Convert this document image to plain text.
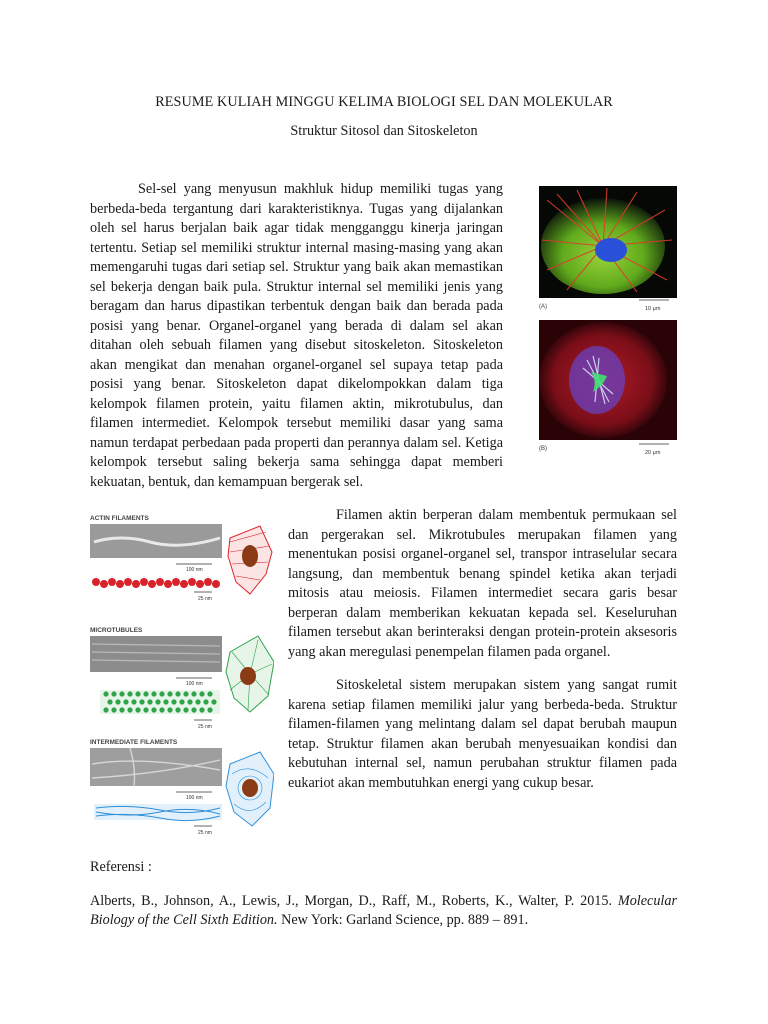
RESUME KULIAH MINGGU KELIMA BIOLOGI SEL DAN MOLEKULAR
Struktur Sitosol dan Sitoskeleton
(A)	10 μm
(B)
20 μm

Sel-sel yang menyusun makhluk hidup memiliki tugas yang berbeda-beda tergantung dari karakteristiknya. Tugas yang dijalankan oleh sel harus berjalan baik agar tidak mengganggu kinerja jaringan tertentu. Setiap sel memiliki struktur internal masing-masing yang akan memengaruhi tugas dari setiap sel. Struktur yang baik akan memastikan sel bekerja dengan baik pula. Struktur internal sel memiliki jenis yang beragam dan harus dipastikan terbentuk dengan baik dan berada pada posisi yang benar. Organel-organel yang berada di dalam sel akan ditahan oleh sebuah filamen yang disebut sitoskeleton. Sitoskeleton akan mengikat dan menahan organel-organel sel supaya tetap pada posisi yang benar. Sitoskeleton dapat dikelompokkan dalam tiga kelompok filamen protein, yaitu filamen aktin, mikrotubulus, dan filamen intermediet. Kelompok tersebut memiliki dasar yang sama namun terdapat perbedaan pada properti dan perannya dalam sel. Ketiga kelompok tersebut saling bekerja sama sehingga dapat memberi kekuatan, bentuk, dan kemampuan bergerak sel.

ACTIN FILAMENTS
100 nm
25 nm
MICROTUBULES
100 nm
25 nm
INTERMEDIATE FILAMENTS
100 nm
25 nm

Filamen aktin berperan dalam membentuk permukaan sel dan pergerakan sel. Mikrotubules merupakan filamen yang menentukan posisi organel-organel sel, transpor intraselular secara langsung, dan membentuk benang spindel ketika akan terjadi mitosis atau meiosis. Filamen intermediet secara garis besar berperan dalam memberikan kekuatan kepada sel. Keseluruhan filamen tersebut akan berinteraksi dengan protein-protein aksesoris yang akan meregulasi penempelan filamen pada organel.

Sitoskeletal sistem merupakan sistem yang sangat rumit karena setiap filamen memiliki jalur yang berbeda-beda. Struktur filamen-filamen yang melintang dalam sel dapat berubah maupun tetap. Struktur filamen akan berubah menyesuaikan kondisi dan kebutuhan internal sel, namun perubahan struktur filamen pada eukariot akan membutuhkan energi yang cukup besar.

Referensi :

Alberts, B., Johnson, A., Lewis, J., Morgan, D., Raff, M., Roberts, K., Walter, P. 2015. Molecular Biology of the Cell Sixth Edition. New York: Garland Science, pp. 889 – 891.
